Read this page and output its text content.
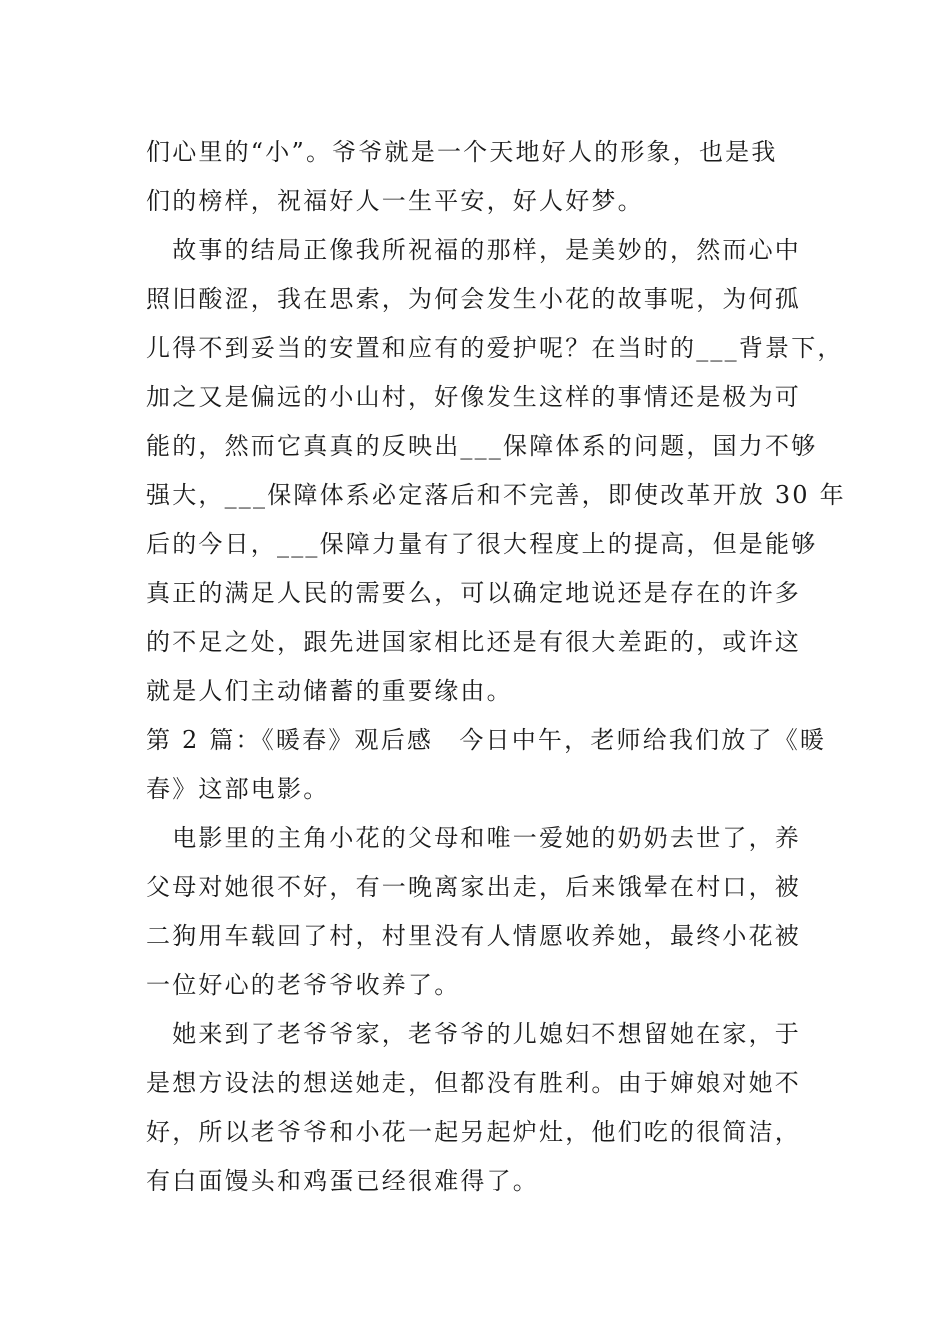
们心里的“小”。爷爷就是一个天地好人的形象，也是我
们的榜样，祝福好人一生平安，好人好梦。
　故事的结局正像我所祝福的那样，是美妙的，然而心中
照旧酸涩，我在思索，为何会发生小花的故事呢，为何孤
儿得不到妥当的安置和应有的爱护呢？在当时的___背景下，
加之又是偏远的小山村，好像发生这样的事情还是极为可
能的，然而它真真的反映出___保障体系的问题，国力不够
强大，___保障体系必定落后和不完善，即使改革开放 30 年
后的今日，___保障力量有了很大程度上的提高，但是能够
真正的满足人民的需要么，可以确定地说还是存在的许多
的不足之处，跟先进国家相比还是有很大差距的，或许这
就是人们主动储蓄的重要缘由。
第 2 篇：《暖春》观后感　今日中午，老师给我们放了《暖
春》这部电影。
　电影里的主角小花的父母和唯一爱她的奶奶去世了，养
父母对她很不好，有一晚离家出走，后来饿晕在村口，被
二狗用车载回了村，村里没有人情愿收养她，最终小花被
一位好心的老爷爷收养了。
　她来到了老爷爷家，老爷爷的儿媳妇不想留她在家，于
是想方设法的想送她走，但都没有胜利。由于婶娘对她不
好，所以老爷爷和小花一起另起炉灶，他们吃的很简洁，
有白面馒头和鸡蛋已经很难得了。
